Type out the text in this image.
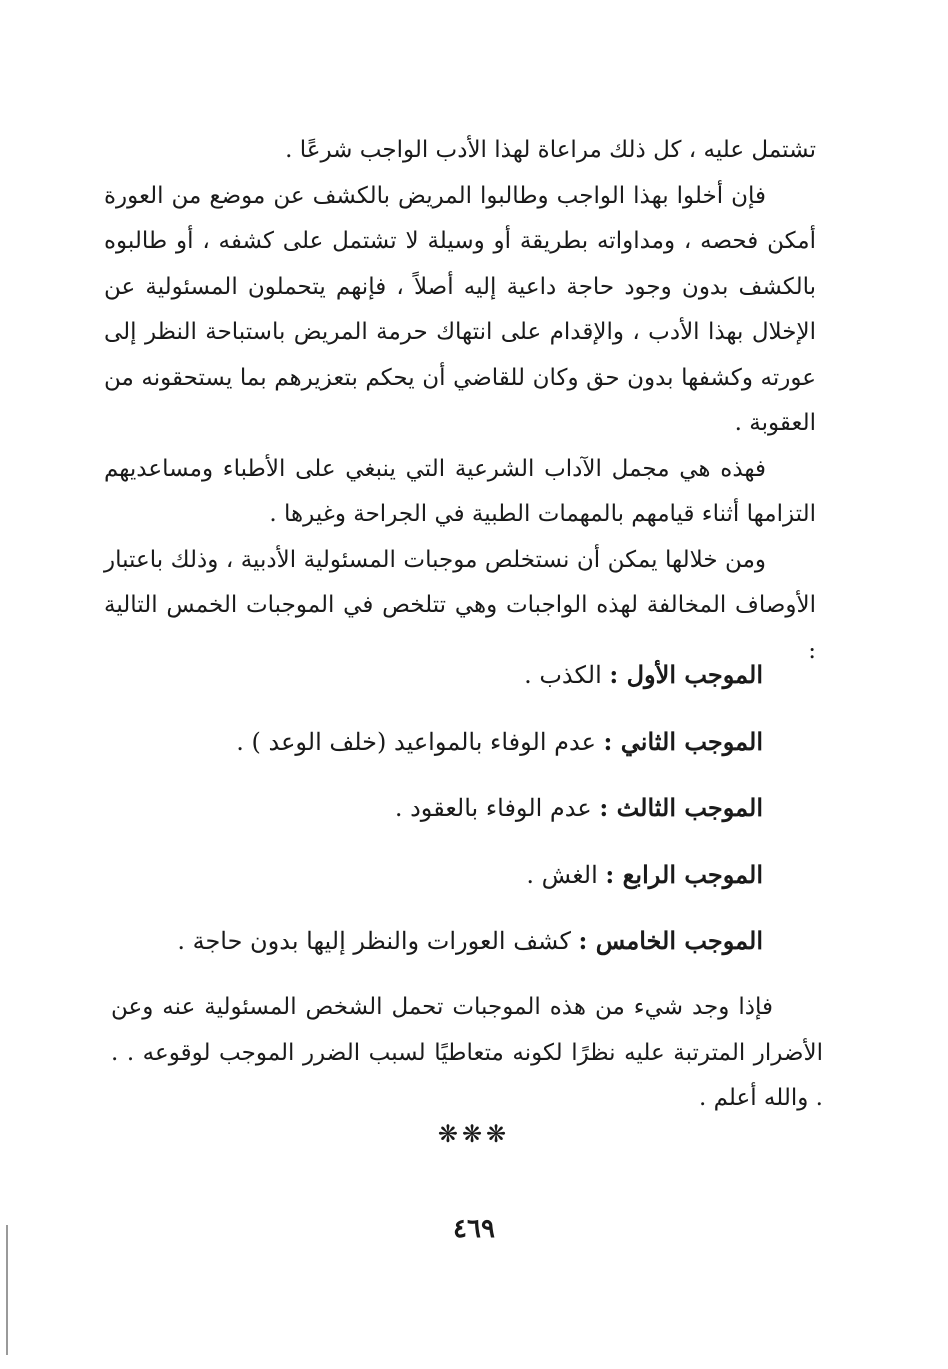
تشتمل عليه ، كل ذلك مراعاة لهذا الأدب الواجب شرعًا .

فإن أخلوا بهذا الواجب وطالبوا المريض بالكشف عن موضع من العورة أمكن فحصه ، ومداواته بطريقة أو وسيلة لا تشتمل على كشفه ، أو طالبوه بالكشف بدون وجود حاجة داعية إليه أصلاً ، فإنهم يتحملون المسئولية عن الإخلال بهذا الأدب ، والإقدام على انتهاك حرمة المريض باستباحة النظر إلى عورته وكشفها بدون حق وكان للقاضي أن يحكم بتعزيرهم بما يستحقونه من العقوبة .

فهذه هي مجمل الآداب الشرعية التي ينبغي على الأطباء ومساعديهم التزامها أثناء قيامهم بالمهمات الطبية في الجراحة وغيرها .

ومن خلالها يمكن أن نستخلص موجبات المسئولية الأدبية ، وذلك باعتبار الأوصاف المخالفة لهذه الواجبات وهي تتلخص في الموجبات الخمس التالية :

الموجب الأول : الكذب .

الموجب الثاني : عدم الوفاء بالمواعيد (خلف الوعد ) .

الموجب الثالث : عدم الوفاء بالعقود .

الموجب الرابع : الغش .

الموجب الخامس : كشف العورات والنظر إليها بدون حاجة .

فإذا وجد شيء من هذه الموجبات تحمل الشخص المسئولية عنه وعن الأضرار المترتبة عليه نظرًا لكونه متعاطيًا لسبب الضرر الموجب لوقوعه . . . والله أعلم .

❋❋❋
٤٦٩
